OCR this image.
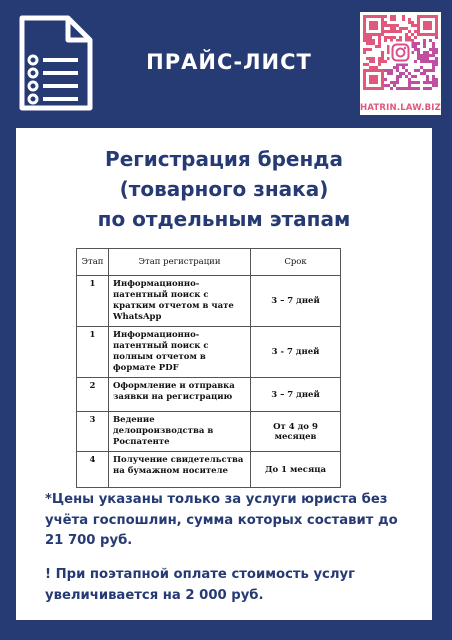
ПРАЙС-ЛИСТ
HATRIN.LAW.BIZ
Регистрация бренда
(товарного знака)
по отдельным этапам
Этап	Этап регистрации	Срок	
1	Информационно-патентный поиск с кратким отчетом в чате WhatsApp	3 – 7 дней	
1	Информационно-патентный поиск с полным отчетом в формате PDF	3 - 7 дней	
2	Оформление и отправка заявки на регистрацию	3 – 7 дней	
3	Ведение делопроизводства в Роспатенте	От 4 до 9 месяцев	
4	Получение свидетельства на бумажном носителе	До 1 месяца	
*Цены указаны только за услуги юриста без учёта госпошлин, сумма которых составит до 21 700 руб.
! При поэтапной оплате стоимость услуг увеличивается на 2 000 руб.
